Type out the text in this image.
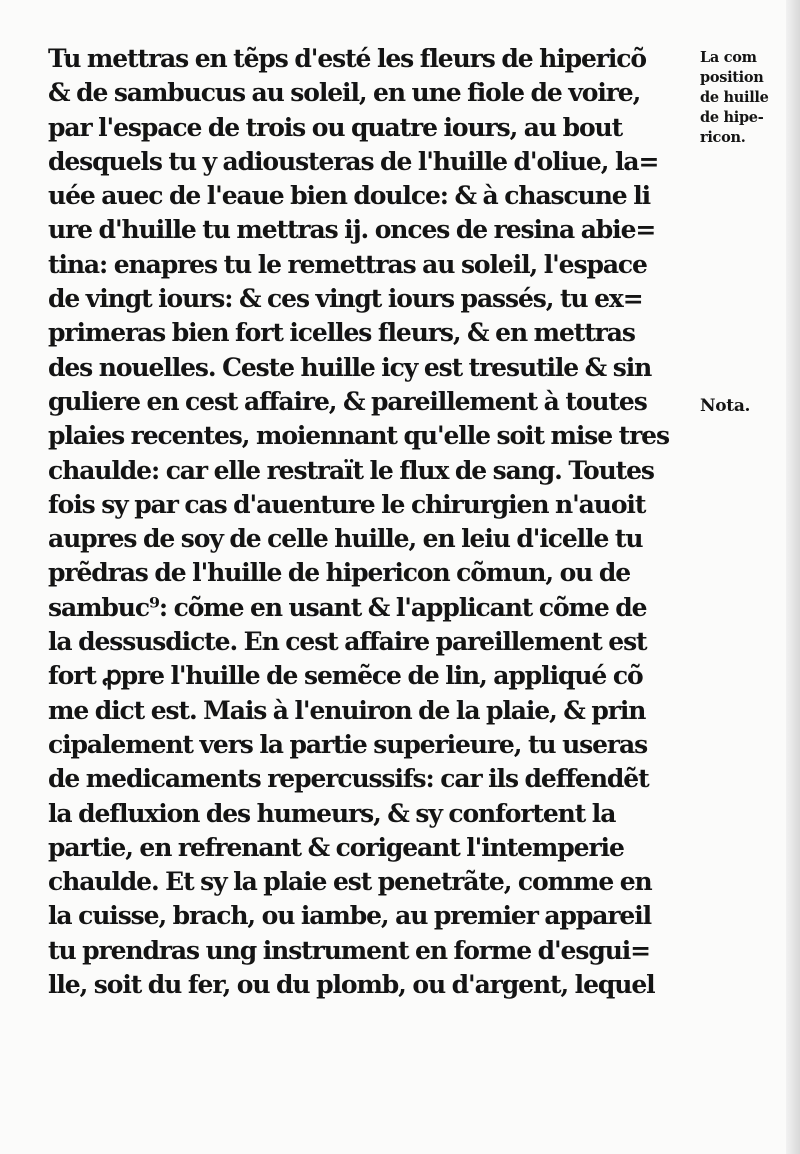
Tu mettras en tẽps d'esté les fleurs de hipericõ
& de sambucus au soleil, en une fiole de voire,
par l'espace de trois ou quatre iours, au bout
desquels tu y adiousteras de l'huille d'oliue, la=
uée auec de l'eaue bien doulce: & à chascune li
ure d'huille tu mettras ij. onces de resina abie=
tina: enapres tu le remettras au soleil, l'espace
de vingt iours: & ces vingt iours passés, tu ex=
primeras bien fort icelles fleurs, & en mettras
des nouelles. Ceste huille icy est tresutile & sin
guliere en cest affaire, & pareillement à toutes
plaies recentes, moiennant qu'elle soit mise tres
chaulde: car elle restraït le flux de sang. Toutes
fois sy par cas d'auenture le chirurgien n'auoit
aupres de soy de celle huille, en leiu d'icelle tu
prẽdras de l'huille de hipericon cõmun, ou de
sambuc⁹: cõme en usant & l'applicant cõme de
la dessusdicte. En cest affaire pareillement est
fort ꝓpre l'huille de semẽce de lin, appliqué cõ
me dict est. Mais à l'enuiron de la plaie, & prin
cipalement vers la partie superieure, tu useras
de medicaments repercussifs: car ils deffendẽt
la defluxion des humeurs, & sy confortent la
partie, en refrenant & corigeant l'intemperie
chaulde. Et sy la plaie est penetrãte, comme en
la cuisse, brach, ou iambe, au premier appareil
tu prendras ung instrument en forme d'esgui=
lle, soit du fer, ou du plomb, ou d'argent, lequel
La com
position
de huille
de hipe-
ricon.
Nota.
